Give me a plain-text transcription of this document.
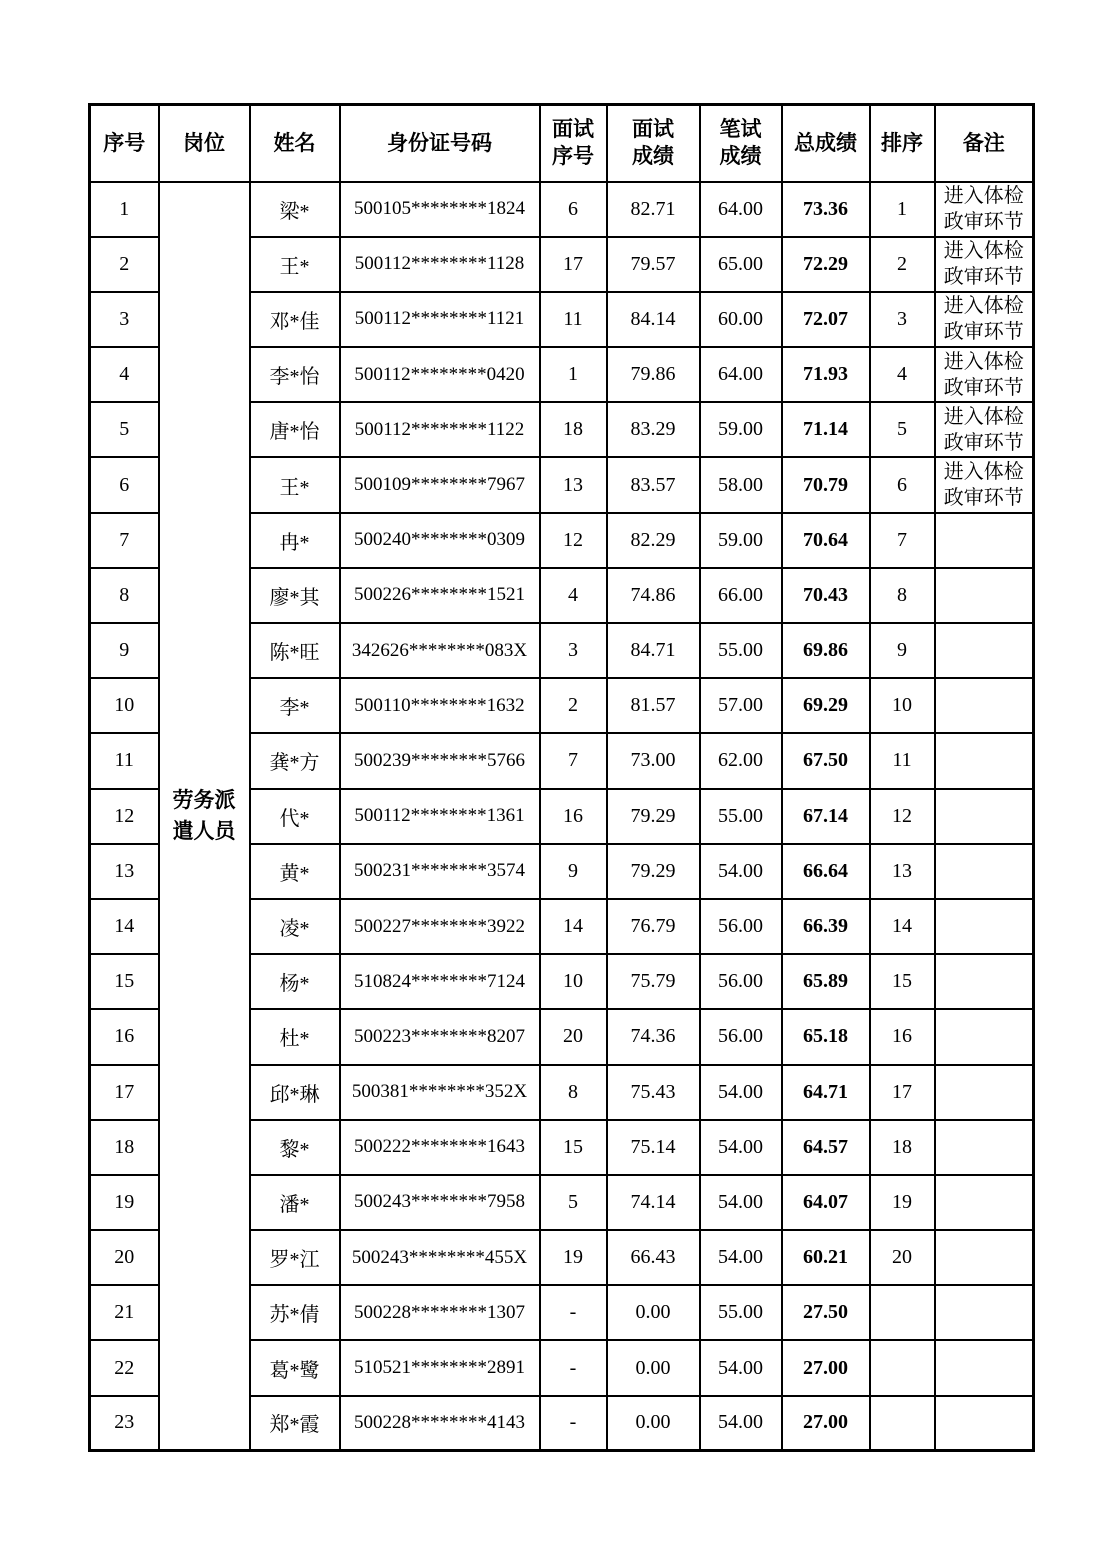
序号	岗位	姓名	身份证号码	面试序号	面试成绩	笔试成绩	总成绩	排序	备注
1	劳务派遣人员	梁*	500105********1824	6	82.71	64.00	73.36	1	进入体检政审环节
2		王*	500112********1128	17	79.57	65.00	72.29	2	进入体检政审环节
3		邓*佳	500112********1121	11	84.14	60.00	72.07	3	进入体检政审环节
4		李*怡	500112********0420	1	79.86	64.00	71.93	4	进入体检政审环节
5		唐*怡	500112********1122	18	83.29	59.00	71.14	5	进入体检政审环节
6		王*	500109********7967	13	83.57	58.00	70.79	6	进入体检政审环节
7		冉*	500240********0309	12	82.29	59.00	70.64	7	
8		廖*其	500226********1521	4	74.86	66.00	70.43	8	
9		陈*旺	342626********083X	3	84.71	55.00	69.86	9	
10		李*	500110********1632	2	81.57	57.00	69.29	10	
11		龚*方	500239********5766	7	73.00	62.00	67.50	11	
12		代*	500112********1361	16	79.29	55.00	67.14	12	
13		黄*	500231********3574	9	79.29	54.00	66.64	13	
14		凌*	500227********3922	14	76.79	56.00	66.39	14	
15		杨*	510824********7124	10	75.79	56.00	65.89	15	
16		杜*	500223********8207	20	74.36	56.00	65.18	16	
17		邱*琳	500381********352X	8	75.43	54.00	64.71	17	
18		黎*	500222********1643	15	75.14	54.00	64.57	18	
19		潘*	500243********7958	5	74.14	54.00	64.07	19	
20		罗*江	500243********455X	19	66.43	54.00	60.21	20	
21		苏*倩	500228********1307	-	0.00	55.00	27.50		
22		葛*鹭	510521********2891	-	0.00	54.00	27.00		
23		郑*霞	500228********4143	-	0.00	54.00	27.00		
